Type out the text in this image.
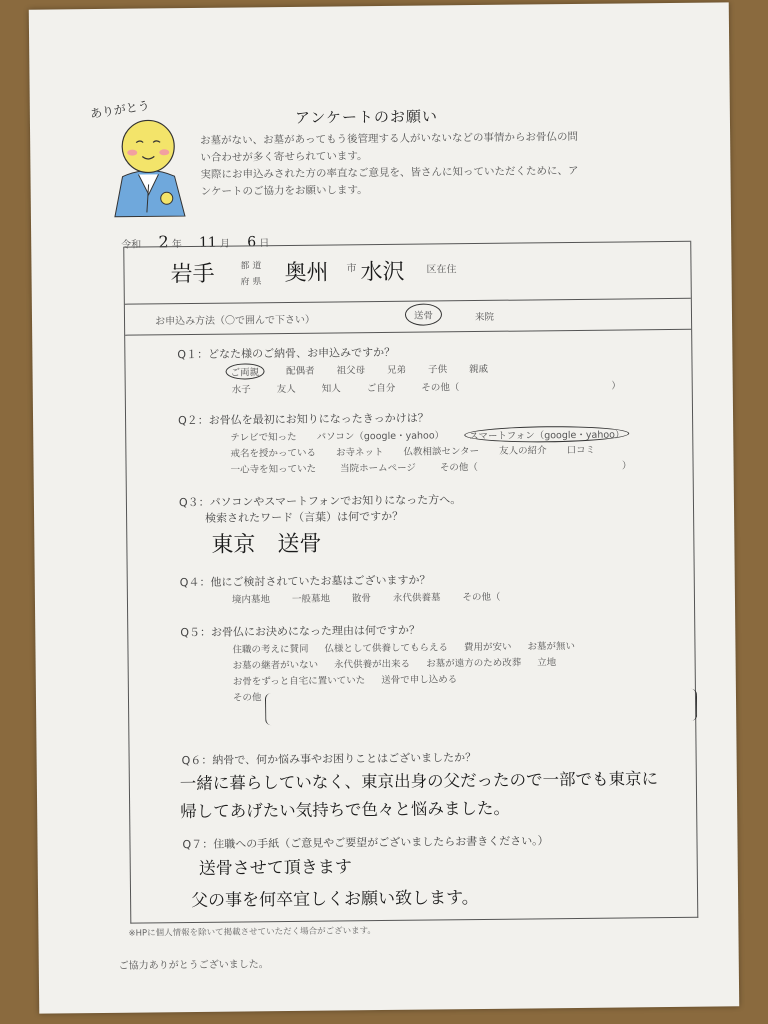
ありがとう	アンケートのお願い
お墓がない、お墓があってもう後管理する人がいないなどの事情からお骨仏の問
い合わせが多く寄せられています。
実際にお申込みされた方の率直なご意見を、皆さんに知っていただくために、ア
ンケートのご協力をお願いします。
令和 2 年 11 月 6 日
岩手	都 道
府 県 奥州 市 水沢 区在住
お申込み方法（〇で囲んで下さい）	送骨	来院
Q１：どなた様のご納骨、お申込みですか？
ご両親	配偶者 祖父母 兄弟 子供 親戚
水子	友人	知人	ご自分	その他（　　　　　　　　　　　　　　　　）
Q２：お骨仏を最初にお知りになったきっかけは？
テレビで知った パソコン（google・yahoo）	スマートフォン（google・yahoo）
戒名を授かっている お寺ネット 仏教相談センター 友人の紹介 口コミ
一心寺を知っていた	当院ホームページ	その他（	）
Q３：パソコンやスマートフォンでお知りになった方へ。
検索されたワード（言葉）は何ですか？
東京　送骨
Q４：他にご検討されていたお墓はございますか？
境内墓地 一般墓地 散骨 永代供養墓 その他（
Q５：お骨仏にお決めになった理由は何ですか？
住職の考えに賛同 仏様として供養してもらえる 費用が安い お墓が無い
お墓の継者がいない 永代供養が出来る お墓が遠方のため改葬 立地
お骨をずっと自宅に置いていた 送骨で申し込める
その他
Q６：納骨で、何か悩み事やお困りことはございましたか？
一緒に暮らしていなく、東京出身の父だったので一部でも東京に
帰してあげたい気持ちで色々と悩みました。
Q７：住職への手紙（ご意見やご要望がございましたらお書きください。）
送骨させて頂きます
父の事を何卒宜しくお願い致します。
※HPに個人情報を除いて掲載させていただく場合がございます。
ご協力ありがとうございました。
